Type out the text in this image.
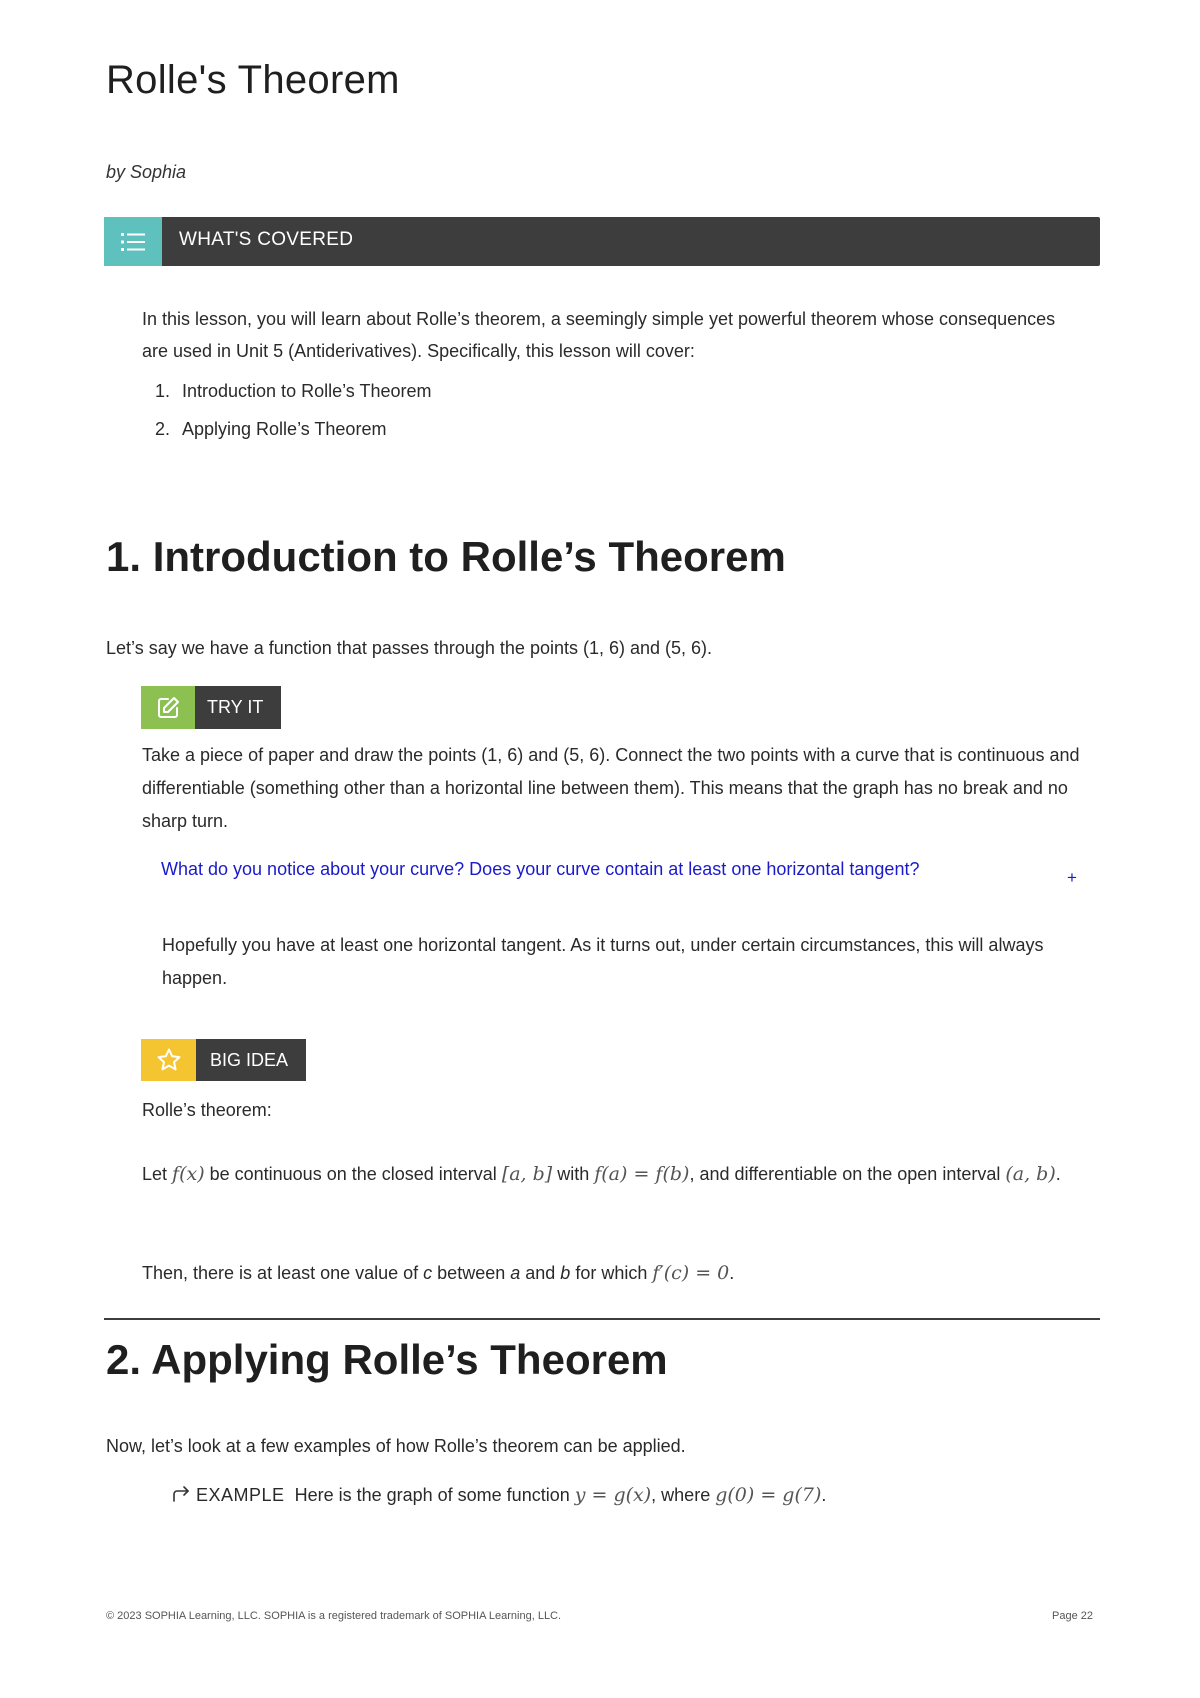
Rolle's Theorem
by Sophia
WHAT'S COVERED
In this lesson, you will learn about Rolle’s theorem, a seemingly simple yet powerful theorem whose consequences are used in Unit 5 (Antiderivatives). Specifically, this lesson will cover:
1. Introduction to Rolle’s Theorem
2. Applying Rolle’s Theorem
1. Introduction to Rolle’s Theorem
Let’s say we have a function that passes through the points (1, 6) and (5, 6).
TRY IT
Take a piece of paper and draw the points (1, 6) and (5, 6). Connect the two points with a curve that is continuous and differentiable (something other than a horizontal line between them). This means that the graph has no break and no sharp turn.
What do you notice about your curve? Does your curve contain at least one horizontal tangent?	+
Hopefully you have at least one horizontal tangent. As it turns out, under certain circumstances, this will always happen.
BIG IDEA
Rolle’s theorem:
Let f(x) be continuous on the closed interval [a, b] with f(a) = f(b), and differentiable on the open interval (a, b).
Then, there is at least one value of c between a and b for which f′(c) = 0.
2. Applying Rolle’s Theorem
Now, let’s look at a few examples of how Rolle’s theorem can be applied.
EXAMPLE Here is the graph of some function y = g(x), where g(0) = g(7).
© 2023 SOPHIA Learning, LLC. SOPHIA is a registered trademark of SOPHIA Learning, LLC.	Page 22
